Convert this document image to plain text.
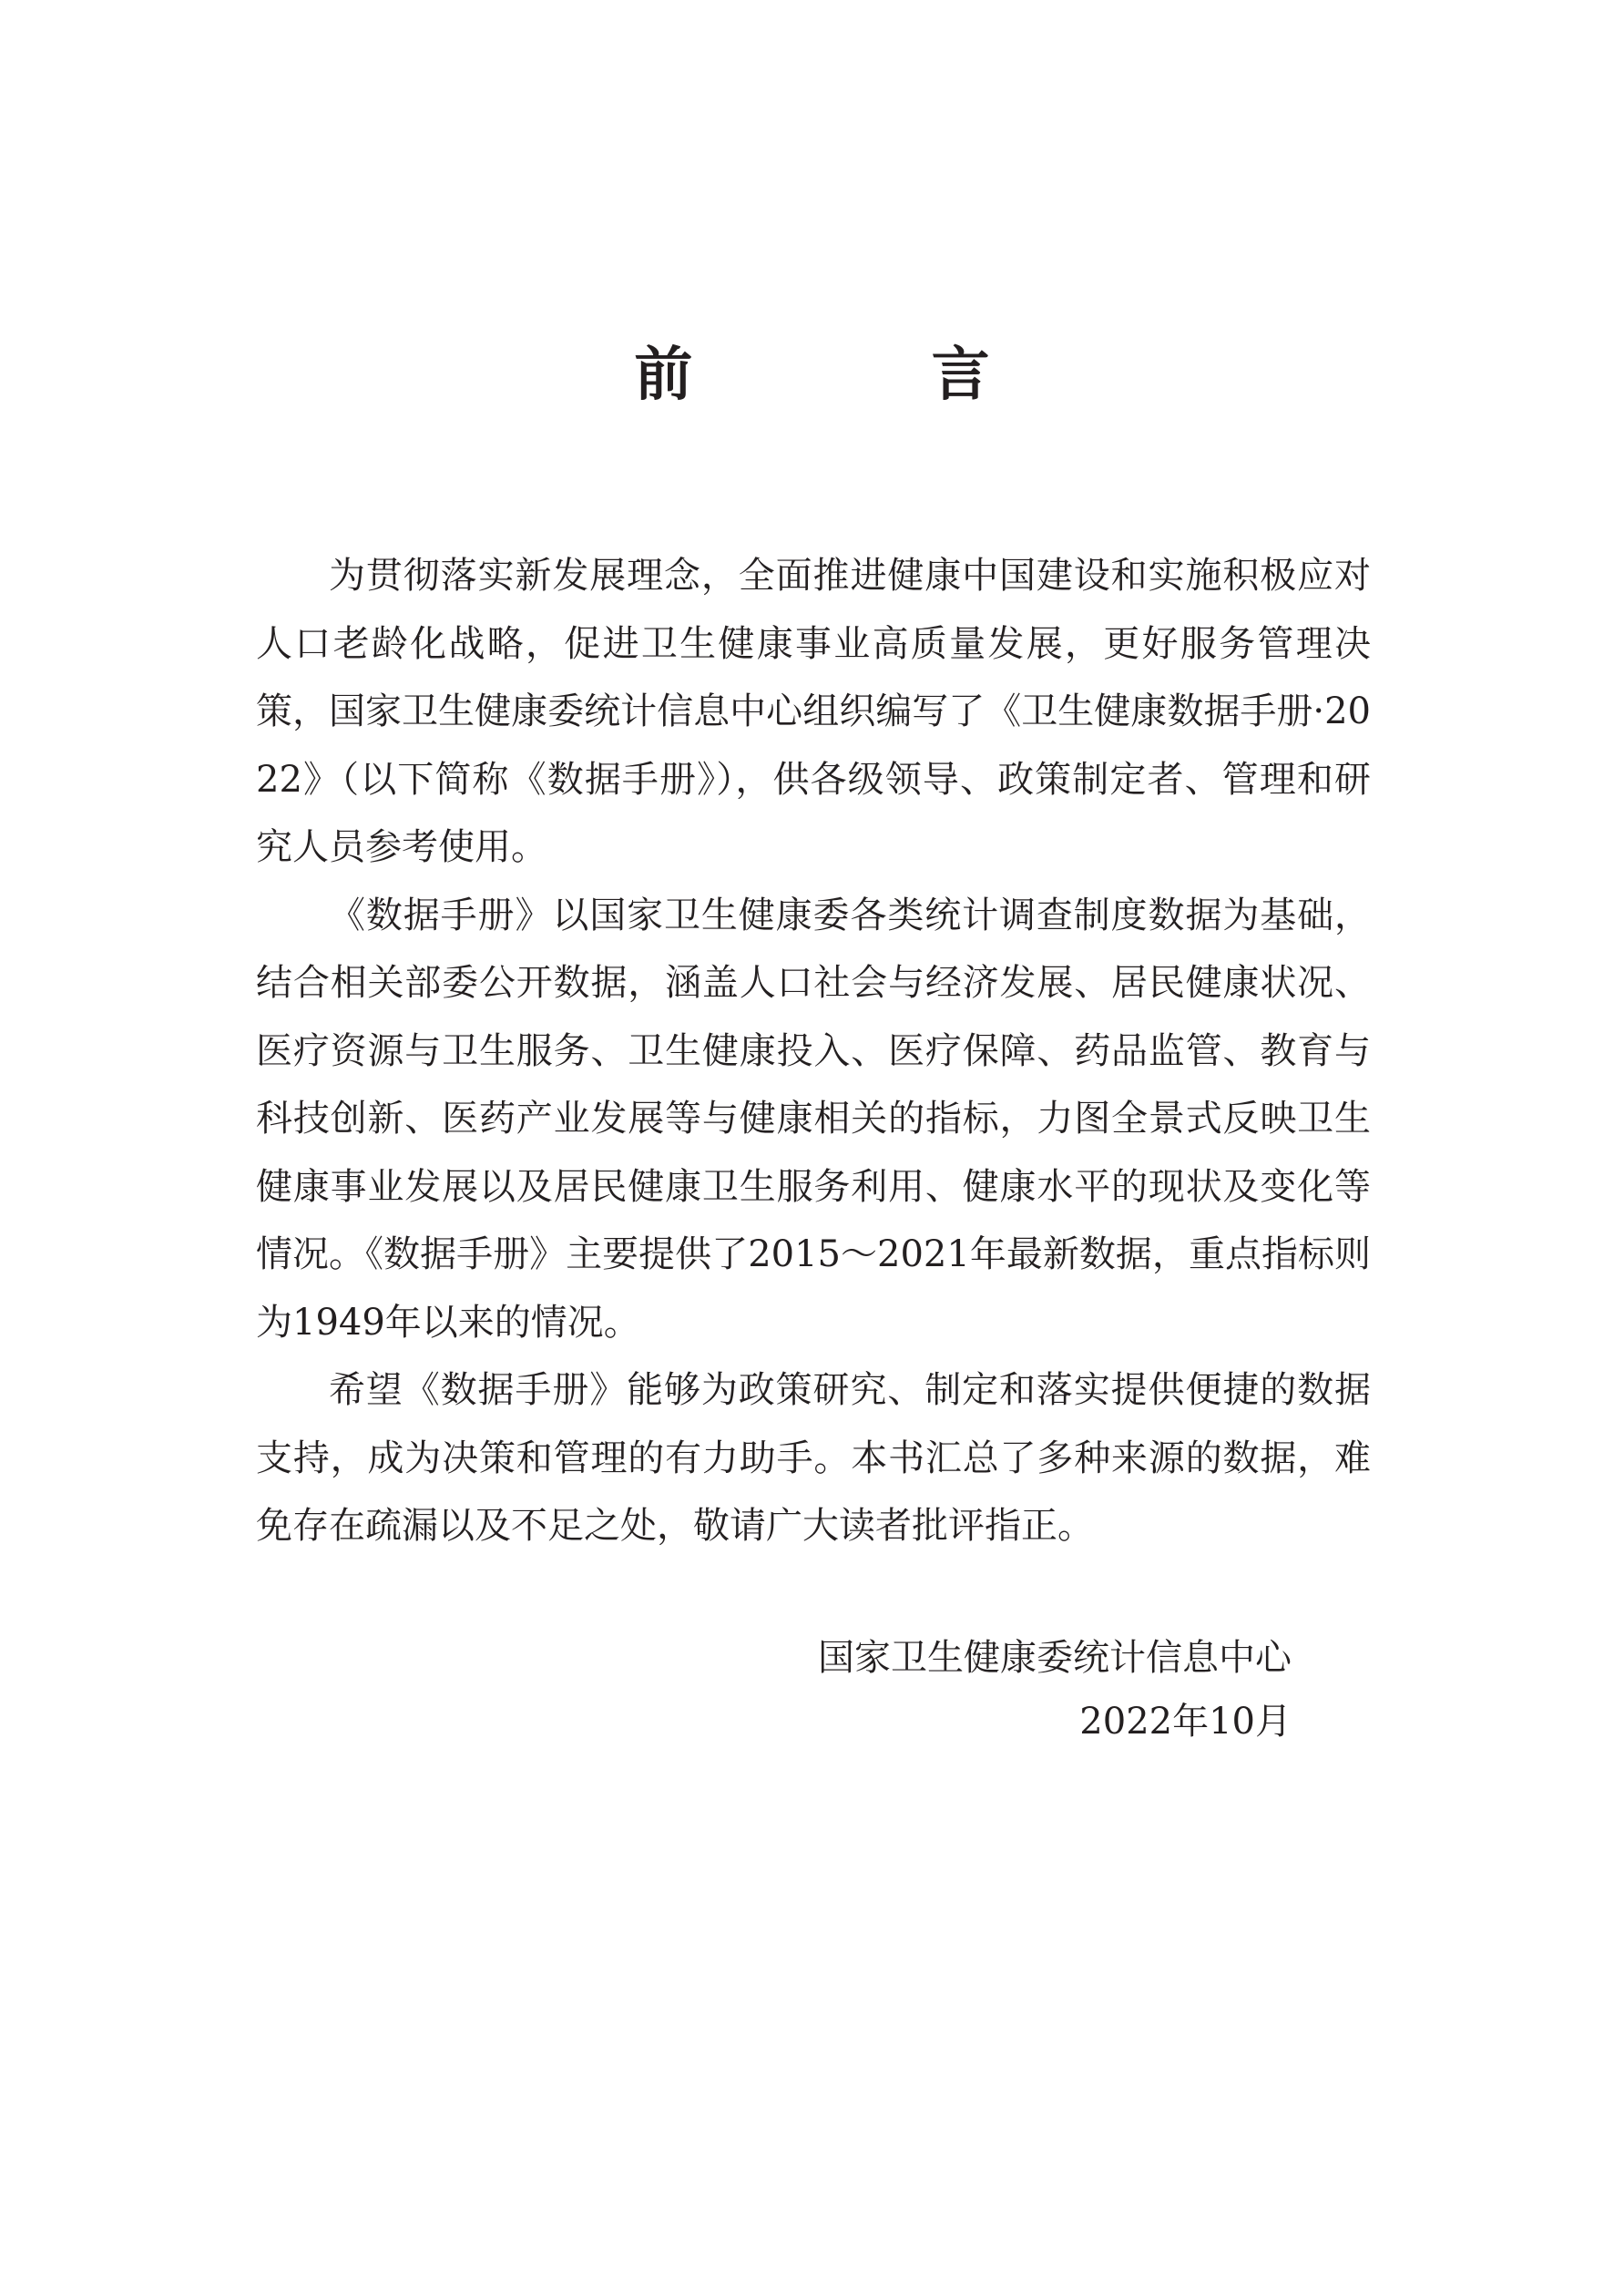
前 言

为贯彻落实新发展理念，全面推进健康中国建设和实施积极应对人口老龄化战略，促进卫生健康事业高质量发展，更好服务管理决策，国家卫生健康委统计信息中心组织编写了《卫生健康数据手册·2022》（以下简称《数据手册》），供各级领导、政策制定者、管理和研究人员参考使用。

《数据手册》以国家卫生健康委各类统计调查制度数据为基础，结合相关部委公开数据，涵盖人口社会与经济发展、居民健康状况、医疗资源与卫生服务、卫生健康投入、医疗保障、药品监管、教育与科技创新、医药产业发展等与健康相关的指标，力图全景式反映卫生健康事业发展以及居民健康卫生服务利用、健康水平的现状及变化等情况。《数据手册》主要提供了2015～2021年最新数据，重点指标则为1949年以来的情况。

希望《数据手册》能够为政策研究、制定和落实提供便捷的数据支持，成为决策和管理的有力助手。本书汇总了多种来源的数据，难免存在疏漏以及不足之处，敬请广大读者批评指正。

国家卫生健康委统计信息中心

2022年10月
